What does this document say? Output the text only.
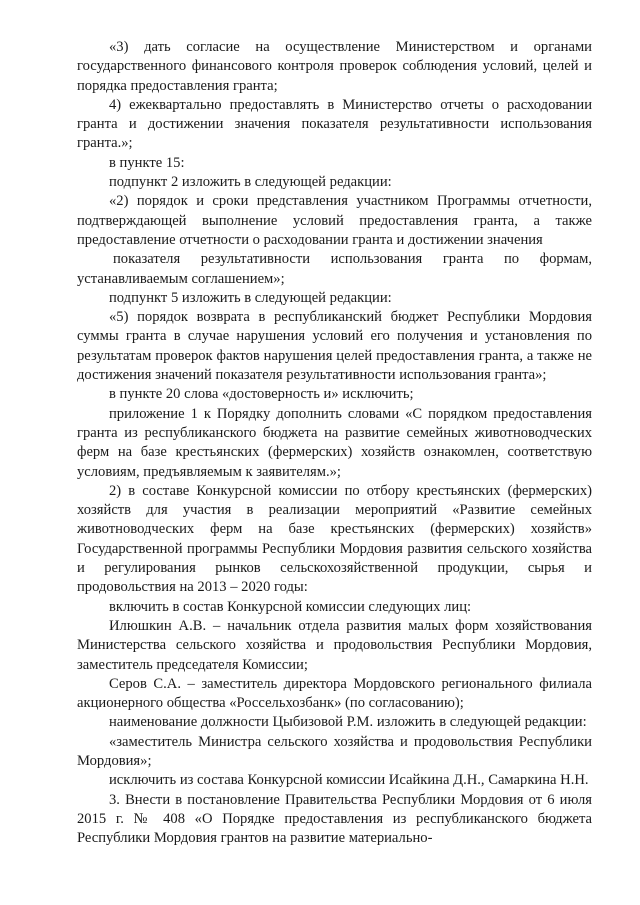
«3) дать согласие на осуществление Министерством и органами государственного финансового контроля проверок соблюдения условий, целей и порядка предоставления гранта;

4) ежеквартально предоставлять в Министерство отчеты о расходовании гранта и достижении значения показателя результативности использования гранта.»;

в пункте 15:

подпункт 2 изложить в следующей редакции:

«2) порядок и сроки представления участником Программы отчетности, подтверждающей выполнение условий предоставления гранта, а также предоставление отчетности о расходовании гранта и достижении значения

показателя результативности использования гранта по формам, устанавливаемым соглашением»;

подпункт 5 изложить в следующей редакции:

«5) порядок возврата в республиканский бюджет Республики Мордовия суммы гранта в случае нарушения условий его получения и установления по результатам проверок фактов нарушения целей предоставления гранта, а также не достижения значений показателя результативности использования гранта»;

в пункте 20 слова «достоверность и» исключить;

приложение 1 к Порядку дополнить словами «С порядком предоставления гранта из республиканского бюджета на развитие семейных животноводческих ферм на базе крестьянских (фермерских) хозяйств ознакомлен, соответствую условиям, предъявляемым к заявителям.»;

2) в составе Конкурсной комиссии по отбору крестьянских (фермерских) хозяйств для участия в реализации мероприятий «Развитие семейных животноводческих ферм на базе крестьянских (фермерских) хозяйств» Государственной программы Республики Мордовия развития сельского хозяйства и регулирования рынков сельскохозяйственной продукции, сырья и продовольствия на 2013 – 2020 годы:

включить в состав Конкурсной комиссии следующих лиц:

Илюшкин А.В. – начальник отдела развития малых форм хозяйствования Министерства сельского хозяйства и продовольствия Республики Мордовия, заместитель председателя Комиссии;

Серов С.А. – заместитель директора Мордовского регионального филиала акционерного общества «Россельхозбанк» (по согласованию);

наименование должности Цыбизовой Р.М. изложить в следующей редакции:

«заместитель Министра сельского хозяйства и продовольствия Республики Мордовия»;

исключить из состава Конкурсной комиссии Исайкина Д.Н., Самаркина Н.Н.

3. Внести в постановление Правительства Республики Мордовия от 6 июля 2015 г. № 408 «О Порядке предоставления из республиканского бюджета Республики Мордовия грантов на развитие материально-
